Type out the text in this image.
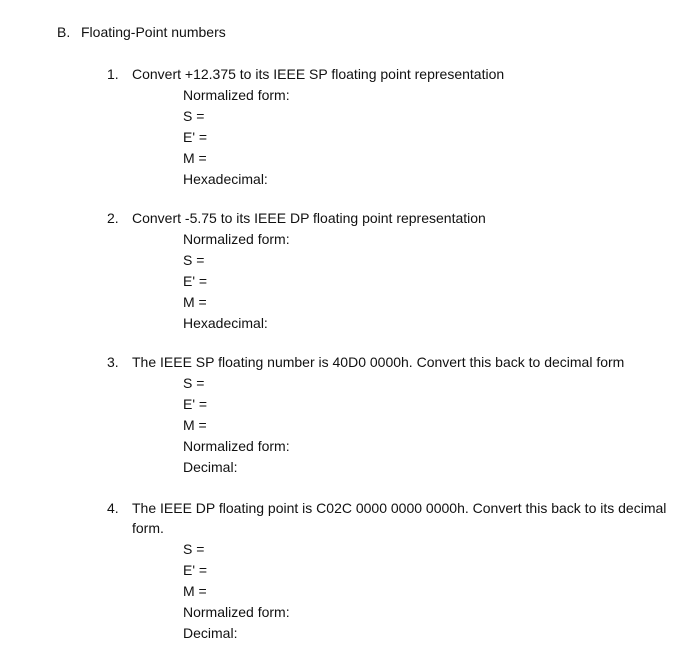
B. Floating-Point numbers
1. Convert +12.375 to its IEEE SP floating point representation
Normalized form:
S =
E' =
M =
Hexadecimal:
2. Convert -5.75 to its IEEE DP floating point representation
Normalized form:
S =
E' =
M =
Hexadecimal:
3. The IEEE SP floating number is 40D0 0000h. Convert this back to decimal form
S =
E' =
M =
Normalized form:
Decimal:
4. The IEEE DP floating point is C02C 0000 0000 0000h. Convert this back to its decimal form.
S =
E' =
M =
Normalized form:
Decimal:
